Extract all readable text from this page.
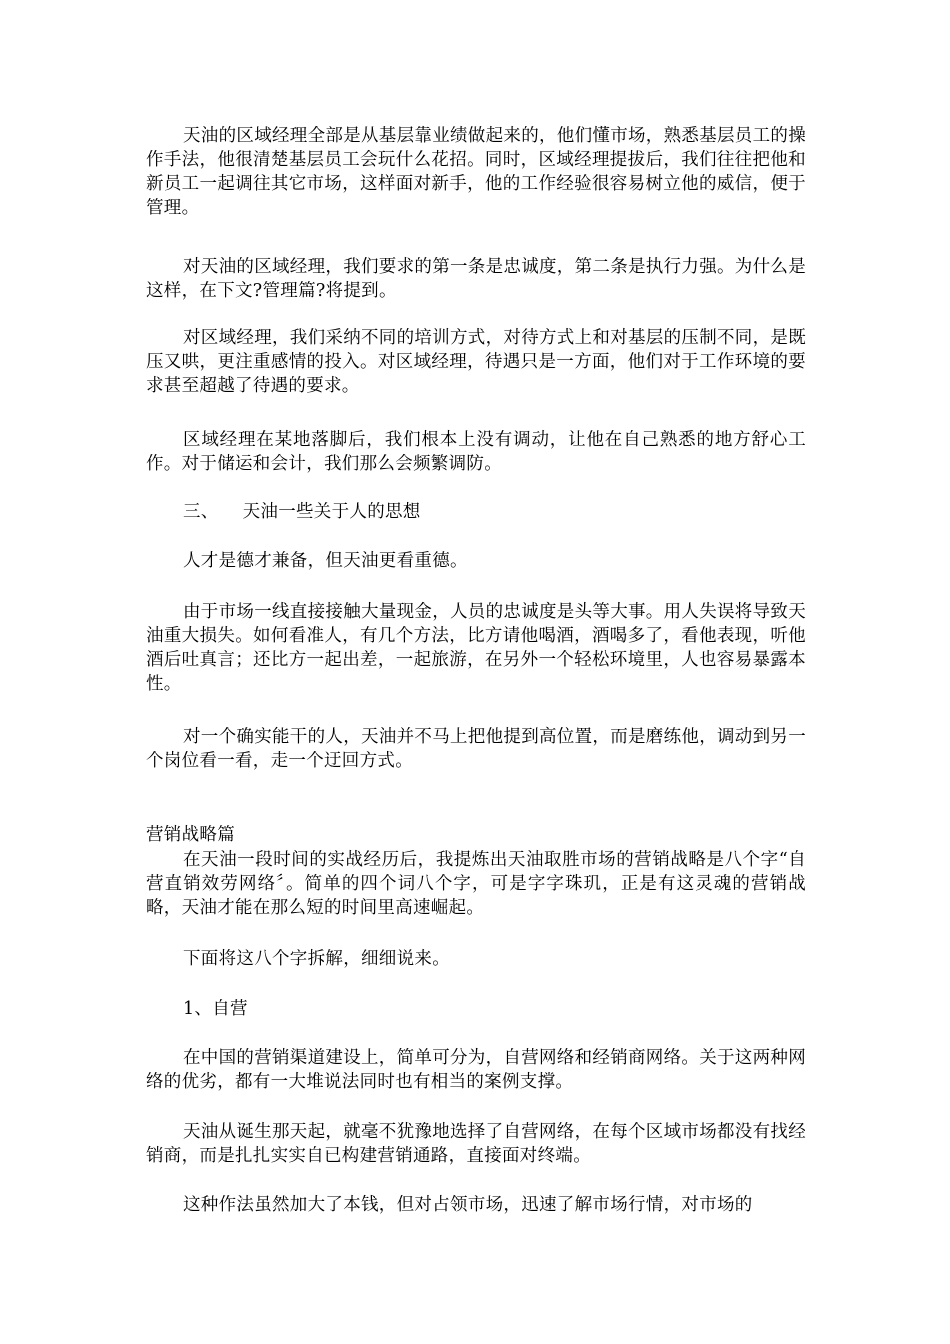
天油的区域经理全部是从基层靠业绩做起来的，他们懂市场，熟悉基层员工的操作手法，他很清楚基层员工会玩什么花招。同时，区域经理提拔后，我们往往把他和新员工一起调往其它市场，这样面对新手，他的工作经验很容易树立他的威信，便于管理。

对天油的区域经理，我们要求的第一条是忠诚度，第二条是执行力强。为什么是这样，在下文?管理篇?将提到。

对区域经理，我们采纳不同的培训方式，对待方式上和对基层的压制不同，是既压又哄，更注重感情的投入。对区域经理，待遇只是一方面，他们对于工作环境的要求甚至超越了待遇的要求。

区域经理在某地落脚后，我们根本上没有调动，让他在自己熟悉的地方舒心工作。对于储运和会计，我们那么会频繁调防。

三、 天油一些关于人的思想

人才是德才兼备，但天油更看重德。

由于市场一线直接接触大量现金，人员的忠诚度是头等大事。用人失误将导致天油重大损失。如何看准人，有几个方法，比方请他喝酒，酒喝多了，看他表现，听他酒后吐真言；还比方一起出差，一起旅游，在另外一个轻松环境里，人也容易暴露本性。

对一个确实能干的人，天油并不马上把他提到高位置，而是磨练他，调动到另一个岗位看一看，走一个迂回方式。

营销战略篇

在天油一段时间的实战经历后，我提炼出天油取胜市场的营销战略是八个字“自营直销效劳网络〞。简单的四个词八个字，可是字字珠玑，正是有这灵魂的营销战略，天油才能在那么短的时间里高速崛起。

下面将这八个字拆解，细细说来。

1、自营

在中国的营销渠道建设上，简单可分为，自营网络和经销商网络。关于这两种网络的优劣，都有一大堆说法同时也有相当的案例支撑。

天油从诞生那天起，就毫不犹豫地选择了自营网络，在每个区域市场都没有找经销商，而是扎扎实实自已构建营销通路，直接面对终端。

这种作法虽然加大了本钱，但对占领市场，迅速了解市场行情，对市场的
